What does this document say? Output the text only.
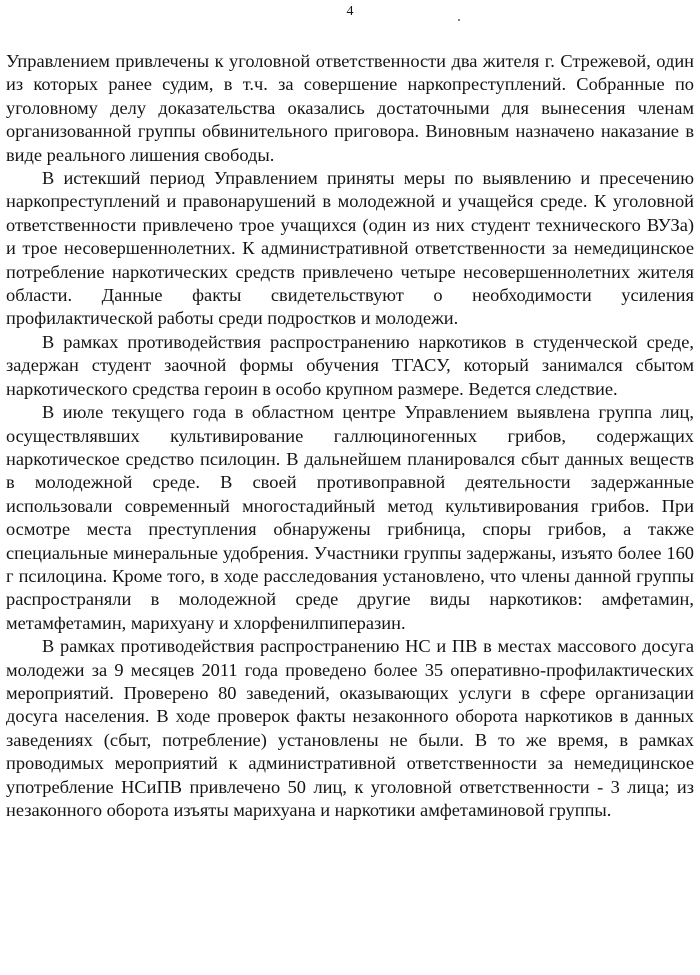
4

Управлением привлечены к уголовной ответственности два жителя г. Стрежевой, один из которых ранее судим, в т.ч. за совершение наркопреступлений. Собранные по уголовному делу доказательства оказались достаточными для вынесения членам организованной группы обвинительного приговора. Виновным назначено наказание в виде реального лишения свободы.

В истекший период Управлением приняты меры по выявлению и пресечению наркопреступлений и правонарушений в молодежной и учащейся среде. К уголовной ответственности привлечено трое учащихся (один из них студент технического ВУЗа) и трое несовершеннолетних. К административной ответственности за немедицинское потребление наркотических средств привлечено четыре несовершеннолетних жителя области. Данные факты свидетельствуют о необходимости усиления профилактической работы среди подростков и молодежи.

В рамках противодействия распространению наркотиков в студенческой среде, задержан студент заочной формы обучения ТГАСУ, который занимался сбытом наркотического средства героин в особо крупном размере. Ведется следствие.

В июле текущего года в областном центре Управлением выявлена группа лиц, осуществлявших культивирование галлюциногенных грибов, содержащих наркотическое средство псилоцин. В дальнейшем планировался сбыт данных веществ в молодежной среде. В своей противоправной деятельности задержанные использовали современный многостадийный метод культивирования грибов. При осмотре места преступления обнаружены грибница, споры грибов, а также специальные минеральные удобрения. Участники группы задержаны, изъято более 160 г псилоцина. Кроме того, в ходе расследования установлено, что члены данной группы распространяли в молодежной среде другие виды наркотиков: амфетамин, метамфетамин, марихуану и хлорфенилпиперазин.

В рамках противодействия распространению НС и ПВ в местах массового досуга молодежи за 9 месяцев 2011 года проведено более 35 оперативно-профилактических мероприятий. Проверено 80 заведений, оказывающих услуги в сфере организации досуга населения. В ходе проверок факты незаконного оборота наркотиков в данных заведениях (сбыт, потребление) установлены не были. В то же время, в рамках проводимых мероприятий к административной ответственности за немедицинское употребление НСиПВ привлечено 50 лиц, к уголовной ответственности - 3 лица; из незаконного оборота изъяты марихуана и наркотики амфетаминовой группы.
